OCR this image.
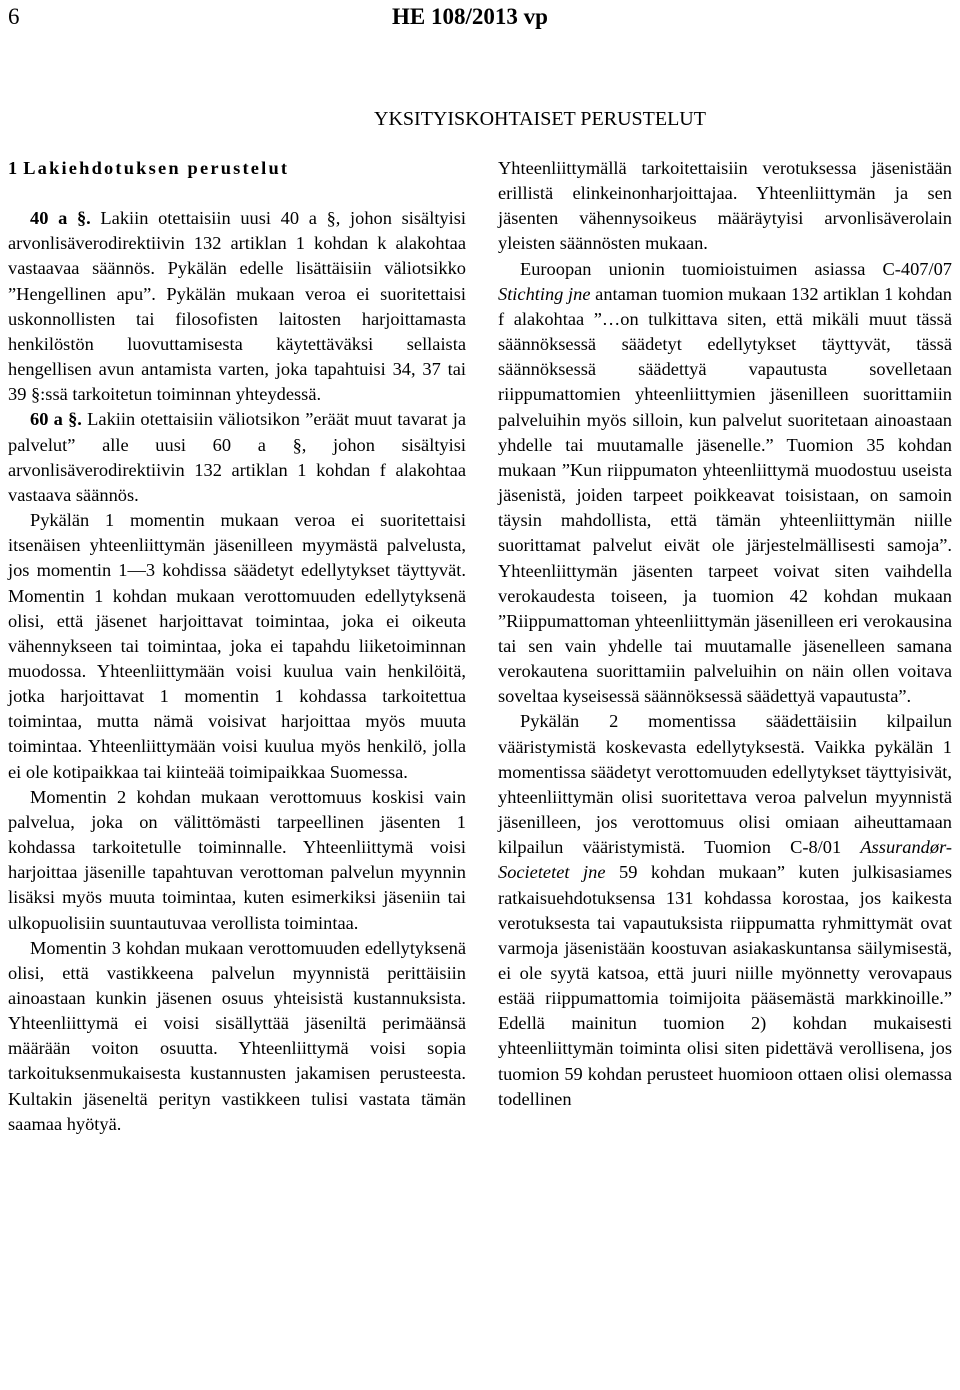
6	HE 108/2013 vp
YKSITYISKOHTAISET PERUSTELUT

1 Lakiehdotuksen perustelut

40 a §. Lakiin otettaisiin uusi 40 a §, johon sisältyisi arvonlisäverodirektiivin 132 artiklan 1 kohdan k alakohtaa vastaavaa säännös. Pykälän edelle lisättäisiin väliotsikko ”Hengellinen apu”. Pykälän mukaan veroa ei suoritettaisi uskonnollisten tai filosofisten laitosten harjoittamasta henkilöstön luovuttamisesta käytettäväksi sellaista hengellisen avun antamista varten, joka tapahtuisi 34, 37 tai 39 §:ssä tarkoitetun toiminnan yhteydessä.

60 a §. Lakiin otettaisiin väliotsikon ”eräät muut tavarat ja palvelut” alle uusi 60 a §, johon sisältyisi arvonlisäverodirektiivin 132 artiklan 1 kohdan f alakohtaa vastaava säännös.

Pykälän 1 momentin mukaan veroa ei suoritettaisi itsenäisen yhteenliittymän jäsenilleen myymästä palvelusta, jos momentin 1—3 kohdissa säädetyt edellytykset täyttyvät. Momentin 1 kohdan mukaan verottomuuden edellytyksenä olisi, että jäsenet harjoittavat toimintaa, joka ei oikeuta vähennykseen tai toimintaa, joka ei tapahdu liiketoiminnan muodossa. Yhteenliittymään voisi kuulua vain henkilöitä, jotka harjoittavat 1 momentin 1 kohdassa tarkoitettua toimintaa, mutta nämä voisivat harjoittaa myös muuta toimintaa. Yhteenliittymään voisi kuulua myös henkilö, jolla ei ole kotipaikkaa tai kiinteää toimipaikkaa Suomessa.

Momentin 2 kohdan mukaan verottomuus koskisi vain palvelua, joka on välittömästi tarpeellinen jäsenten 1 kohdassa tarkoitetulle toiminnalle. Yhteenliittymä voisi harjoittaa jäsenille tapahtuvan verottoman palvelun myynnin lisäksi myös muuta toimintaa, kuten esimerkiksi jäseniin tai ulkopuolisiin suuntautuvaa verollista toimintaa.

Momentin 3 kohdan mukaan verottomuuden edellytyksenä olisi, että vastikkeena palvelun myynnistä perittäisiin ainoastaan kunkin jäsenen osuus yhteisistä kustannuksista. Yhteenliittymä ei voisi sisällyttää jäseniltä perimäänsä määrään voiton osuutta. Yhteenliittymä voisi sopia tarkoituksenmukaisesta kustannusten jakamisen perusteesta. Kultakin jäseneltä perityn vastikkeen tulisi vastata tämän saamaa hyötyä.

Yhteenliittymällä tarkoitettaisiin verotuksessa jäsenistään erillistä elinkeinonharjoittajaa. Yhteenliittymän ja sen jäsenten vähennysoikeus määräytyisi arvonlisäverolain yleisten säännösten mukaan.

Euroopan unionin tuomioistuimen asiassa C-407/07 Stichting jne antaman tuomion mukaan 132 artiklan 1 kohdan f alakohtaa ”…on tulkittava siten, että mikäli muut tässä säännöksessä säädetyt edellytykset täyttyvät, tässä säännöksessä säädettyä vapautusta sovelletaan riippumattomien yhteenliittymien jäsenilleen suorittamiin palveluihin myös silloin, kun palvelut suoritetaan ainoastaan yhdelle tai muutamalle jäsenelle.” Tuomion 35 kohdan mukaan ”Kun riippumaton yhteenliittymä muodostuu useista jäsenistä, joiden tarpeet poikkeavat toisistaan, on samoin täysin mahdollista, että tämän yhteenliittymän niille suorittamat palvelut eivät ole järjestelmällisesti samoja”. Yhteenliittymän jäsenten tarpeet voivat siten vaihdella verokaudesta toiseen, ja tuomion 42 kohdan mukaan ”Riippumattoman yhteenliittymän jäsenilleen eri verokausina tai sen vain yhdelle tai muutamalle jäsenelleen samana verokautena suorittamiin palveluihin on näin ollen voitava soveltaa kyseisessä säännöksessä säädettyä vapautusta”.

Pykälän 2 momentissa säädettäisiin kilpailun vääristymistä koskevasta edellytyksestä. Vaikka pykälän 1 momentissa säädetyt verottomuuden edellytykset täyttyisivät, yhteenliittymän olisi suoritettava veroa palvelun myynnistä jäsenilleen, jos verottomuus olisi omiaan aiheuttamaan kilpailun vääristymistä. Tuomion C-8/01 Assurandør-Societetet jne 59 kohdan mukaan” kuten julkisasiames ratkaisuehdotuksensa 131 kohdassa korostaa, jos kaikesta verotuksesta tai vapautuksista riippumatta ryhmittymät ovat varmoja jäsenistään koostuvan asiakaskuntansa säilymisestä, ei ole syytä katsoa, että juuri niille myönnetty verovapaus estää riippumattomia toimijoita pääsemästä markkinoille.” Edellä mainitun tuomion 2) kohdan mukaisesti yhteenliittymän toiminta olisi siten pidettävä verollisena, jos tuomion 59 kohdan perusteet huomioon ottaen olisi olemassa todellinen
